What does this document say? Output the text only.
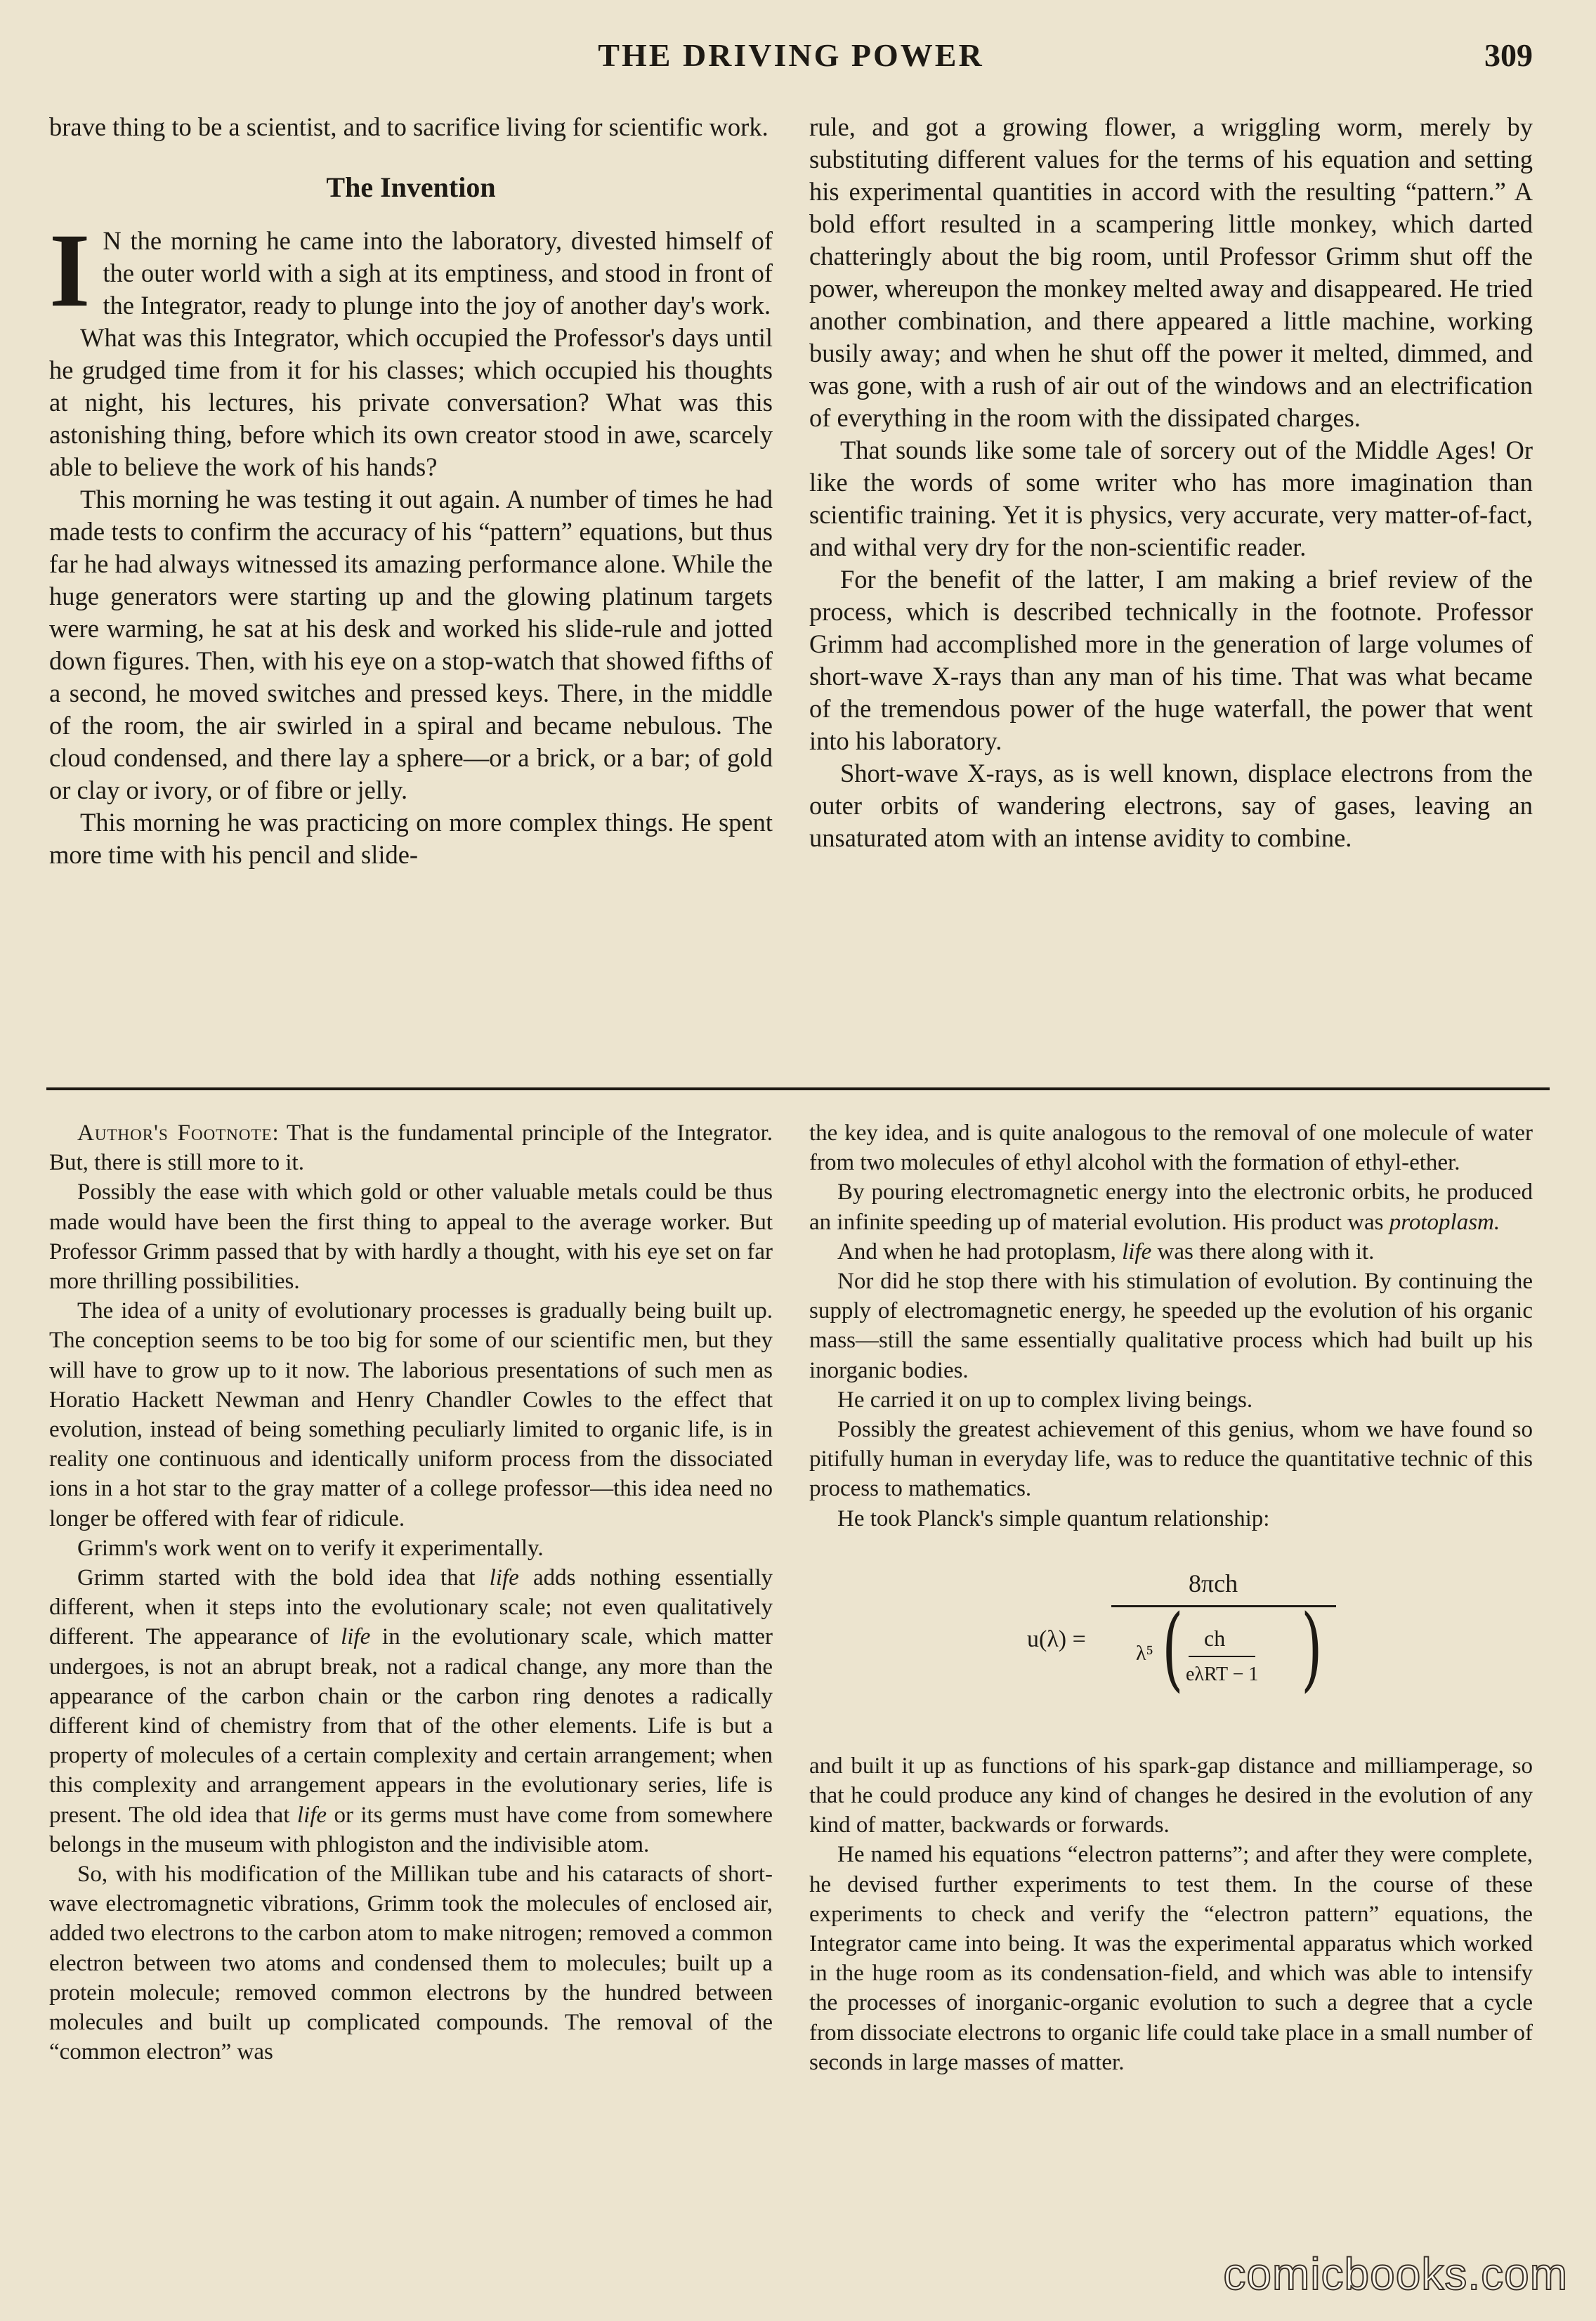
THE DRIVING POWER	309

brave thing to be a scientist, and to sacrifice living for scientific work.

The Invention

I N the morning he came into the laboratory, divested himself of the outer world with a sigh at its emptiness, and stood in front of the Integrator, ready to plunge into the joy of another day's work.

What was this Integrator, which occupied the Professor's days until he grudged time from it for his classes; which occupied his thoughts at night, his lectures, his private conversation? What was this astonishing thing, before which its own creator stood in awe, scarcely able to believe the work of his hands?

This morning he was testing it out again. A number of times he had made tests to confirm the accuracy of his “pattern” equations, but thus far he had always witnessed its amazing performance alone. While the huge generators were starting up and the glowing platinum targets were warming, he sat at his desk and worked his slide-rule and jotted down figures. Then, with his eye on a stop-watch that showed fifths of a second, he moved switches and pressed keys. There, in the middle of the room, the air swirled in a spiral and became nebulous. The cloud condensed, and there lay a sphere—or a brick, or a bar; of gold or clay or ivory, or of fibre or jelly.

This morning he was practicing on more complex things. He spent more time with his pencil and slide-

rule, and got a growing flower, a wriggling worm, merely by substituting different values for the terms of his equation and setting his experimental quantities in accord with the resulting “pattern.” A bold effort resulted in a scampering little monkey, which darted chatteringly about the big room, until Professor Grimm shut off the power, whereupon the monkey melted away and disappeared. He tried another combination, and there appeared a little machine, working busily away; and when he shut off the power it melted, dimmed, and was gone, with a rush of air out of the windows and an electrification of everything in the room with the dissipated charges.

That sounds like some tale of sorcery out of the Middle Ages! Or like the words of some writer who has more imagination than scientific training. Yet it is physics, very accurate, very matter-of-fact, and withal very dry for the non-scientific reader.

For the benefit of the latter, I am making a brief review of the process, which is described technically in the footnote. Professor Grimm had accomplished more in the generation of large volumes of short-wave X-rays than any man of his time. That was what became of the tremendous power of the huge waterfall, the power that went into his laboratory.

Short-wave X-rays, as is well known, displace electrons from the outer orbits of wandering electrons, say of gases, leaving an unsaturated atom with an intense avidity to combine.

Author's Footnote: That is the fundamental principle of the Integrator. But, there is still more to it.

Possibly the ease with which gold or other valuable metals could be thus made would have been the first thing to appeal to the average worker. But Professor Grimm passed that by with hardly a thought, with his eye set on far more thrilling possibilities.

The idea of a unity of evolutionary processes is gradually being built up. The conception seems to be too big for some of our scientific men, but they will have to grow up to it now. The laborious presentations of such men as Horatio Hackett Newman and Henry Chandler Cowles to the effect that evolution, instead of being something peculiarly limited to organic life, is in reality one continuous and identically uniform process from the dissociated ions in a hot star to the gray matter of a college professor—this idea need no longer be offered with fear of ridicule.

Grimm's work went on to verify it experimentally.

Grimm started with the bold idea that life adds nothing essentially different, when it steps into the evolutionary scale; not even qualitatively different. The appearance of life in the evolutionary scale, which matter undergoes, is not an abrupt break, not a radical change, any more than the appearance of the carbon chain or the carbon ring denotes a radically different kind of chemistry from that of the other elements. Life is but a property of molecules of a certain complexity and certain arrangement; when this complexity and arrangement appears in the evolutionary series, life is present. The old idea that life or its germs must have come from somewhere belongs in the museum with phlogiston and the indivisible atom.

So, with his modification of the Millikan tube and his cataracts of short-wave electromagnetic vibrations, Grimm took the molecules of enclosed air, added two electrons to the carbon atom to make nitrogen; removed a common electron between two atoms and condensed them to molecules; built up a protein molecule; removed common electrons by the hundred between molecules and built up complicated compounds. The removal of the “common electron” was

the key idea, and is quite analogous to the removal of one molecule of water from two molecules of ethyl alcohol with the formation of ethyl-ether.

By pouring electromagnetic energy into the electronic orbits, he produced an infinite speeding up of material evolution. His product was protoplasm.

And when he had protoplasm, life was there along with it.

Nor did he stop there with his stimulation of evolution. By continuing the supply of electromagnetic energy, he speeded up the evolution of his organic mass—still the same essentially qualitative process which had built up his inorganic bodies.

He carried it on up to complex living beings.

Possibly the greatest achievement of this genius, whom we have found so pitifully human in everyday life, was to reduce the quantitative technic of this process to mathematics.

He took Planck's simple quantum relationship:

u(λ) =
8πch
λ⁵ ( ch
eλRT − 1 )

and built it up as functions of his spark-gap distance and milliamperage, so that he could produce any kind of changes he desired in the evolution of any kind of matter, backwards or forwards.

He named his equations “electron patterns”; and after they were complete, he devised further experiments to test them. In the course of these experiments to check and verify the “electron pattern” equations, the Integrator came into being. It was the experimental apparatus which worked in the huge room as its condensation-field, and which was able to intensify the processes of inorganic-organic evolution to such a degree that a cycle from dissociate electrons to organic life could take place in a small number of seconds in large masses of matter.

comicbooks.com
